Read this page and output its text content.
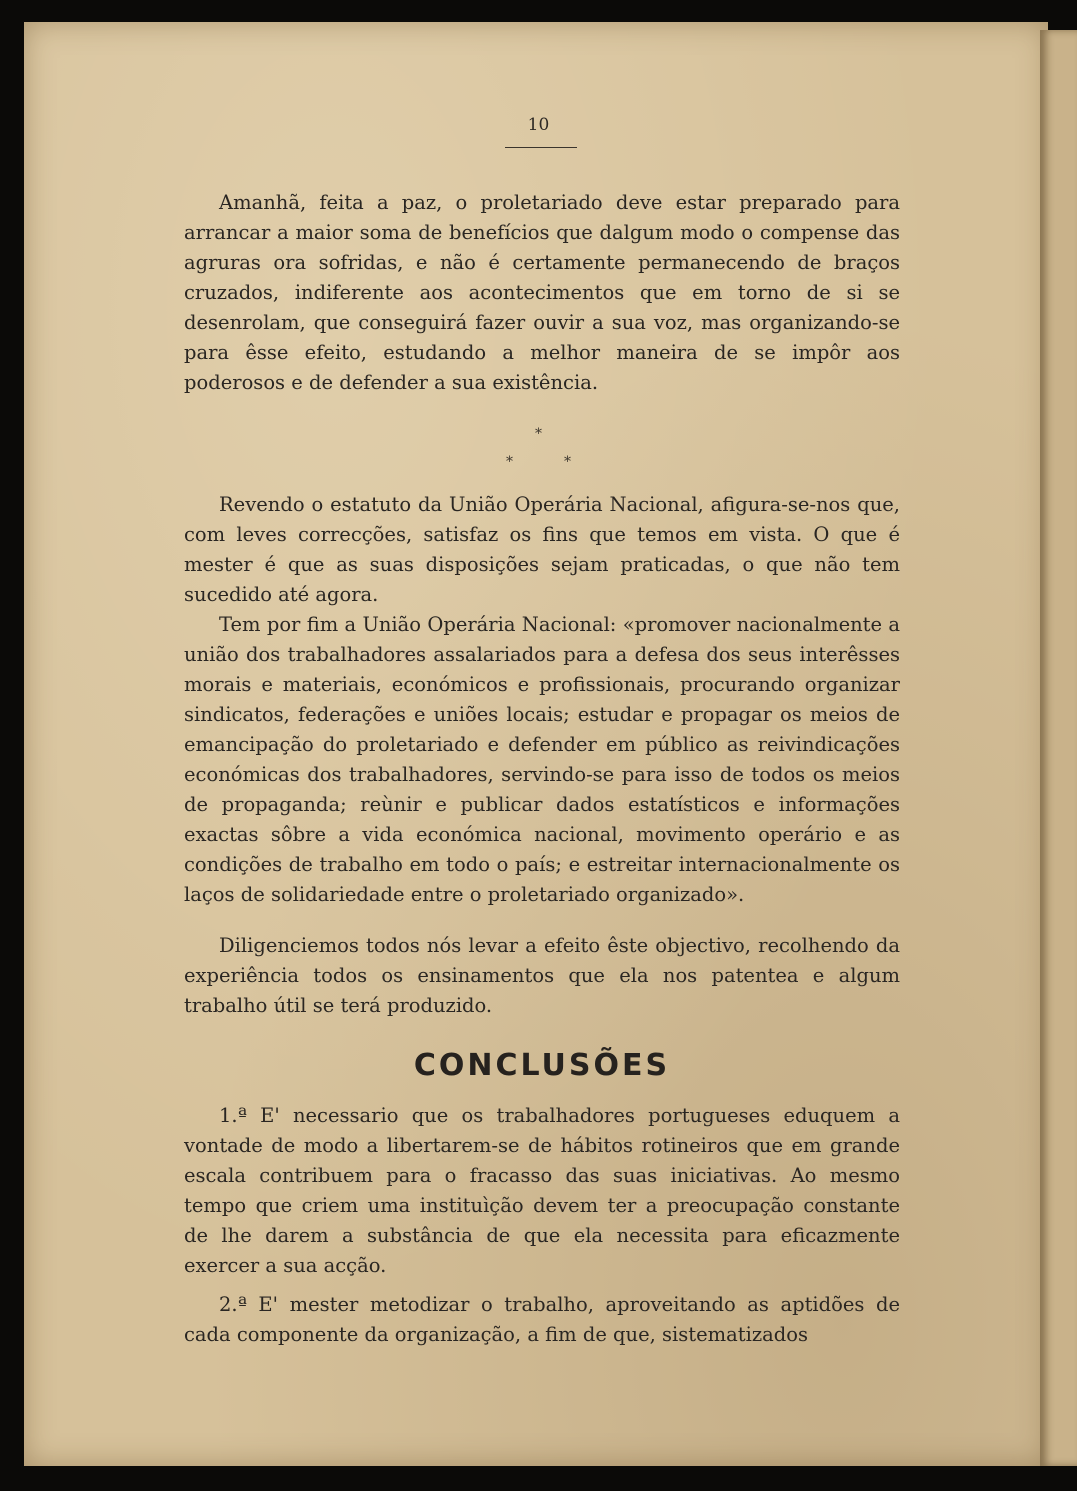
10

Amanhã, feita a paz, o proletariado deve estar preparado para arrancar a maior soma de benefícios que dalgum modo o compense das agruras ora sofridas, e não é certamente permanecendo de braços cruzados, indiferente aos acontecimentos que em torno de si se desenrolam, que conseguirá fazer ouvir a sua voz, mas organizando-se para êsse efeito, estudando a melhor maneira de se impôr aos poderosos e de defender a sua existência.

*
*	*

Revendo o estatuto da União Operária Nacional, afigura-se-nos que, com leves correcções, satisfaz os fins que temos em vista. O que é mester é que as suas disposições sejam praticadas, o que não tem sucedido até agora.

Tem por fim a União Operária Nacional: «promover nacionalmente a união dos trabalhadores assalariados para a defesa dos seus interêsses morais e materiais, económicos e profissionais, procurando organizar sindicatos, federações e uniões locais; estudar e propagar os meios de emancipação do proletariado e defender em público as reivindicações económicas dos trabalhadores, servindo-se para isso de todos os meios de propaganda; reùnir e publicar dados estatísticos e informações exactas sôbre a vida económica nacional, movimento operário e as condições de trabalho em todo o país; e estreitar internacionalmente os laços de solidariedade entre o proletariado organizado».

Diligenciemos todos nós levar a efeito êste objectivo, recolhendo da experiência todos os ensinamentos que ela nos patentea e algum trabalho útil se terá produzido.

CONCLUSÕES

1.ª E' necessario que os trabalhadores portugueses eduquem a vontade de modo a libertarem-se de hábitos rotineiros que em grande escala contribuem para o fracasso das suas iniciativas. Ao mesmo tempo que criem uma instituìção devem ter a preocupação constante de lhe darem a substância de que ela necessita para eficazmente exercer a sua acção.

2.ª E' mester metodizar o trabalho, aproveitando as aptidões de cada componente da organização, a fim de que, sistematizados
